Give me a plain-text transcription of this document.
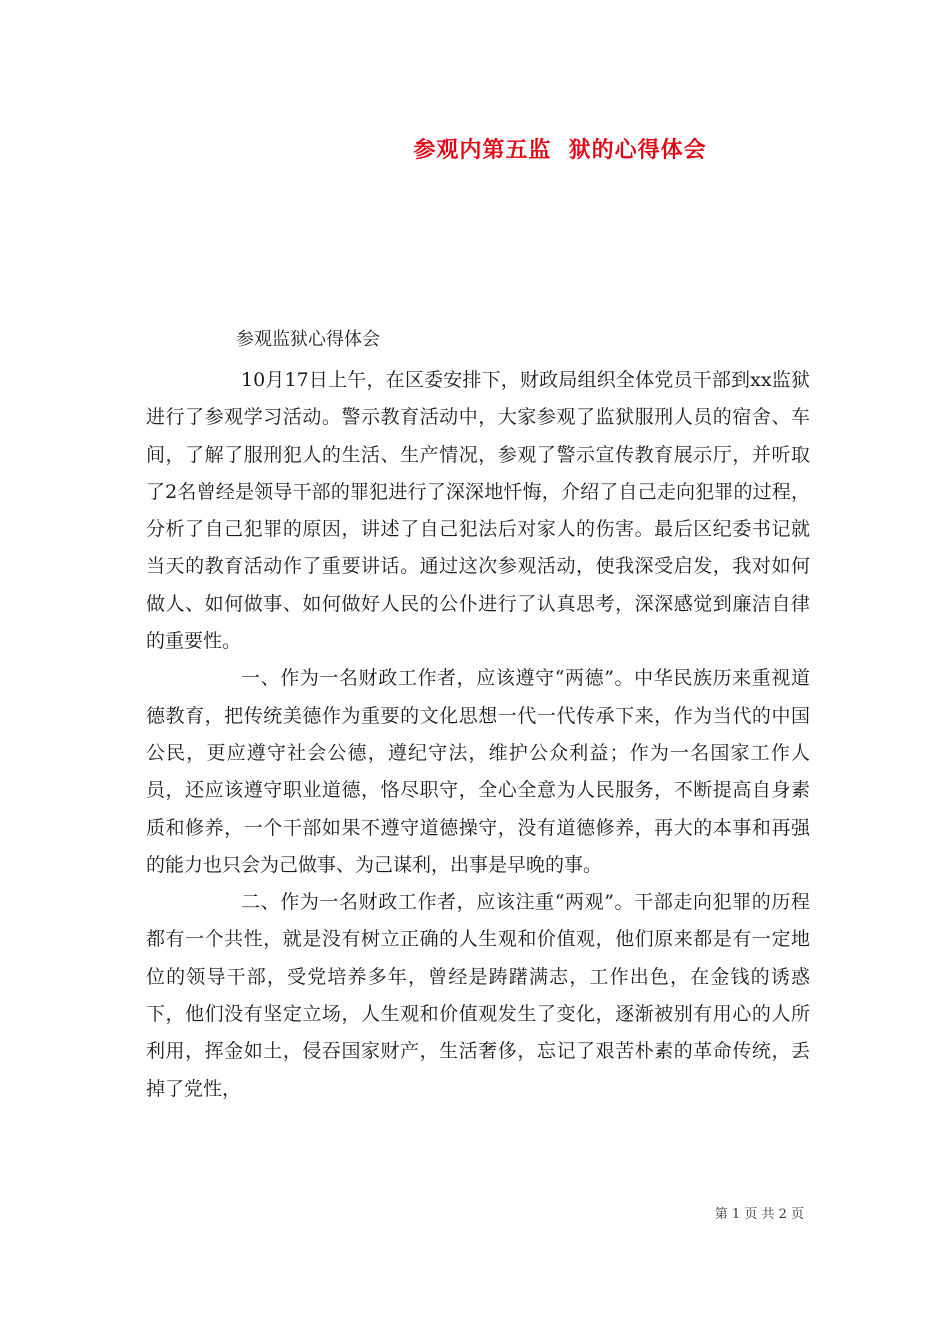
参观内第五监  狱的心得体会
参观监狱心得体会

10月17日上午，在区委安排下，财政局组织全体党员干部到xx监狱进行了参观学习活动。警示教育活动中，大家参观了监狱服刑人员的宿舍、车间，了解了服刑犯人的生活、生产情况，参观了警示宣传教育展示厅，并听取了2名曾经是领导干部的罪犯进行了深深地忏悔，介绍了自己走向犯罪的过程，分析了自己犯罪的原因，讲述了自己犯法后对家人的伤害。最后区纪委书记就当天的教育活动作了重要讲话。通过这次参观活动，使我深受启发，我对如何做人、如何做事、如何做好人民的公仆进行了认真思考，深深感觉到廉洁自律的重要性。

一、作为一名财政工作者，应该遵守“两德”。中华民族历来重视道德教育，把传统美德作为重要的文化思想一代一代传承下来，作为当代的中国公民，更应遵守社会公德，遵纪守法，维护公众利益；作为一名国家工作人员，还应该遵守职业道德，恪尽职守，全心全意为人民服务，不断提高自身素质和修养，一个干部如果不遵守道德操守，没有道德修养，再大的本事和再强的能力也只会为己做事、为己谋利，出事是早晚的事。

二、作为一名财政工作者，应该注重“两观”。干部走向犯罪的历程都有一个共性，就是没有树立正确的人生观和价值观，他们原来都是有一定地位的领导干部，受党培养多年，曾经是踌躇满志，工作出色，在金钱的诱惑下，他们没有坚定立场，人生观和价值观发生了变化，逐渐被别有用心的人所利用，挥金如土，侵吞国家财产，生活奢侈，忘记了艰苦朴素的革命传统，丢掉了党性，

第 1 页 共 2 页
